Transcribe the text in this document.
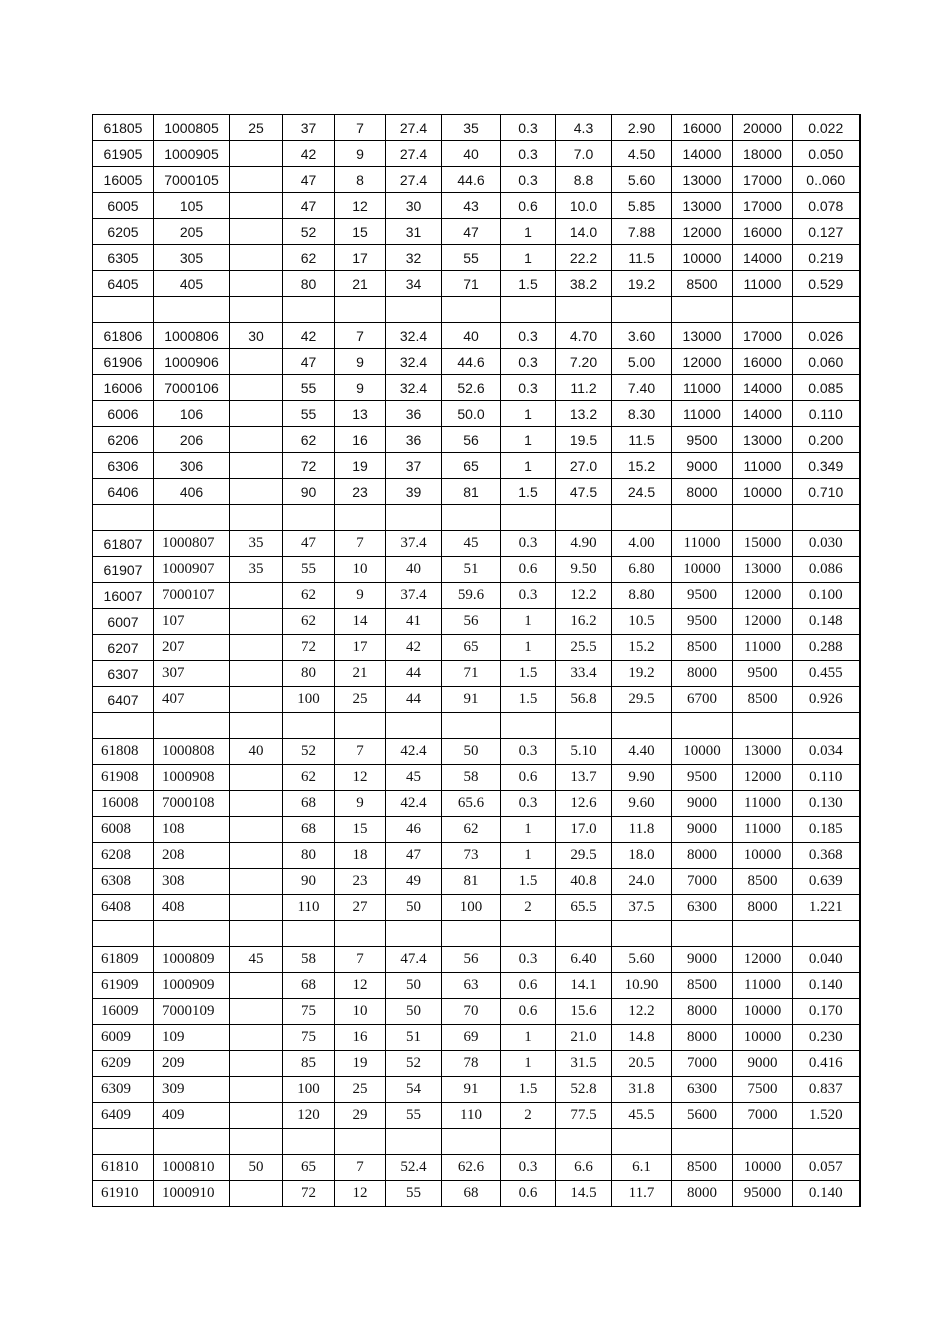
61805	1000805	25	37	7	27.4	35	0.3	4.3	2.90	16000	20000	0.022
61905	1000905		42	9	27.4	40	0.3	7.0	4.50	14000	18000	0.050
16005	7000105		47	8	27.4	44.6	0.3	8.8	5.60	13000	17000	0..060
6005	105		47	12	30	43	0.6	10.0	5.85	13000	17000	0.078
6205	205		52	15	31	47	1	14.0	7.88	12000	16000	0.127
6305	305		62	17	32	55	1	22.2	11.5	10000	14000	0.219
6405	405		80	21	34	71	1.5	38.2	19.2	8500	11000	0.529

61806	1000806	30	42	7	32.4	40	0.3	4.70	3.60	13000	17000	0.026
61906	1000906		47	9	32.4	44.6	0.3	7.20	5.00	12000	16000	0.060
16006	7000106		55	9	32.4	52.6	0.3	11.2	7.40	11000	14000	0.085
6006	106		55	13	36	50.0	1	13.2	8.30	11000	14000	0.110
6206	206		62	16	36	56	1	19.5	11.5	9500	13000	0.200
6306	306		72	19	37	65	1	27.0	15.2	9000	11000	0.349
6406	406		90	23	39	81	1.5	47.5	24.5	8000	10000	0.710

61807	1000807	35	47	7	37.4	45	0.3	4.90	4.00	11000	15000	0.030
61907	1000907	35	55	10	40	51	0.6	9.50	6.80	10000	13000	0.086
16007	7000107		62	9	37.4	59.6	0.3	12.2	8.80	9500	12000	0.100
6007	107		62	14	41	56	1	16.2	10.5	9500	12000	0.148
6207	207		72	17	42	65	1	25.5	15.2	8500	11000	0.288
6307	307		80	21	44	71	1.5	33.4	19.2	8000	9500	0.455
6407	407		100	25	44	91	1.5	56.8	29.5	6700	8500	0.926

61808	1000808	40	52	7	42.4	50	0.3	5.10	4.40	10000	13000	0.034
61908	1000908		62	12	45	58	0.6	13.7	9.90	9500	12000	0.110
16008	7000108		68	9	42.4	65.6	0.3	12.6	9.60	9000	11000	0.130
6008	108		68	15	46	62	1	17.0	11.8	9000	11000	0.185
6208	208		80	18	47	73	1	29.5	18.0	8000	10000	0.368
6308	308		90	23	49	81	1.5	40.8	24.0	7000	8500	0.639
6408	408		110	27	50	100	2	65.5	37.5	6300	8000	1.221

61809	1000809	45	58	7	47.4	56	0.3	6.40	5.60	9000	12000	0.040
61909	1000909		68	12	50	63	0.6	14.1	10.90	8500	11000	0.140
16009	7000109		75	10	50	70	0.6	15.6	12.2	8000	10000	0.170
6009	109		75	16	51	69	1	21.0	14.8	8000	10000	0.230
6209	209		85	19	52	78	1	31.5	20.5	7000	9000	0.416
6309	309		100	25	54	91	1.5	52.8	31.8	6300	7500	0.837
6409	409		120	29	55	110	2	77.5	45.5	5600	7000	1.520

61810	1000810	50	65	7	52.4	62.6	0.3	6.6	6.1	8500	10000	0.057
61910	1000910		72	12	55	68	0.6	14.5	11.7	8000	95000	0.140
